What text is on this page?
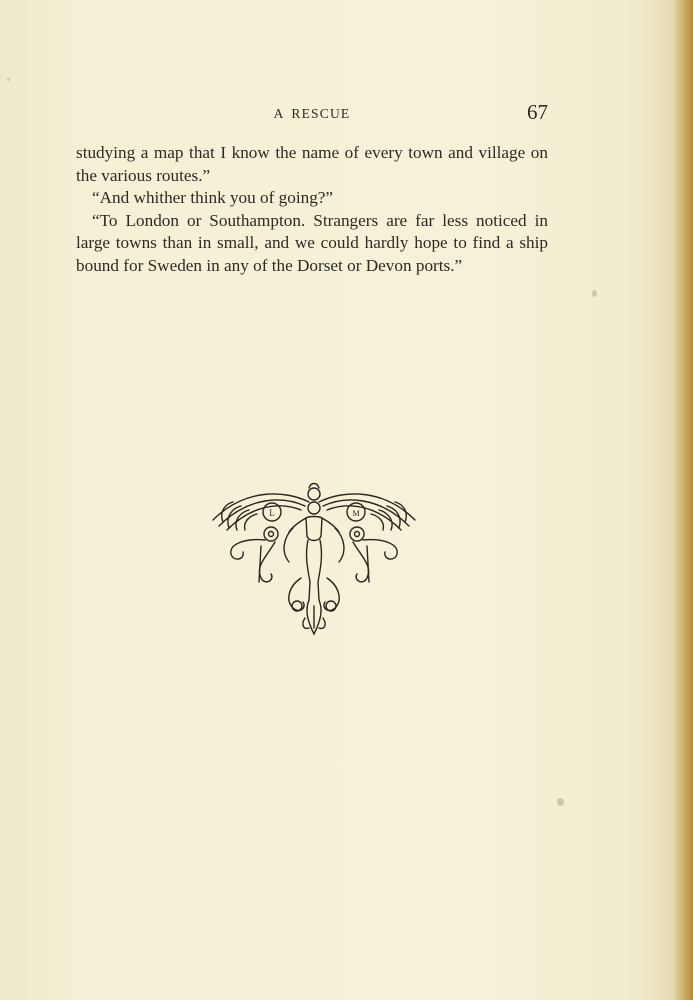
A RESCUE	67

studying a map that I know the name of every town and village on the various routes.”

“And whither think you of going?”

“To London or Southampton. Strangers are far less noticed in large towns than in small, and we could hardly hope to find a ship bound for Sweden in any of the Dorset or Devon ports.”

L	M
